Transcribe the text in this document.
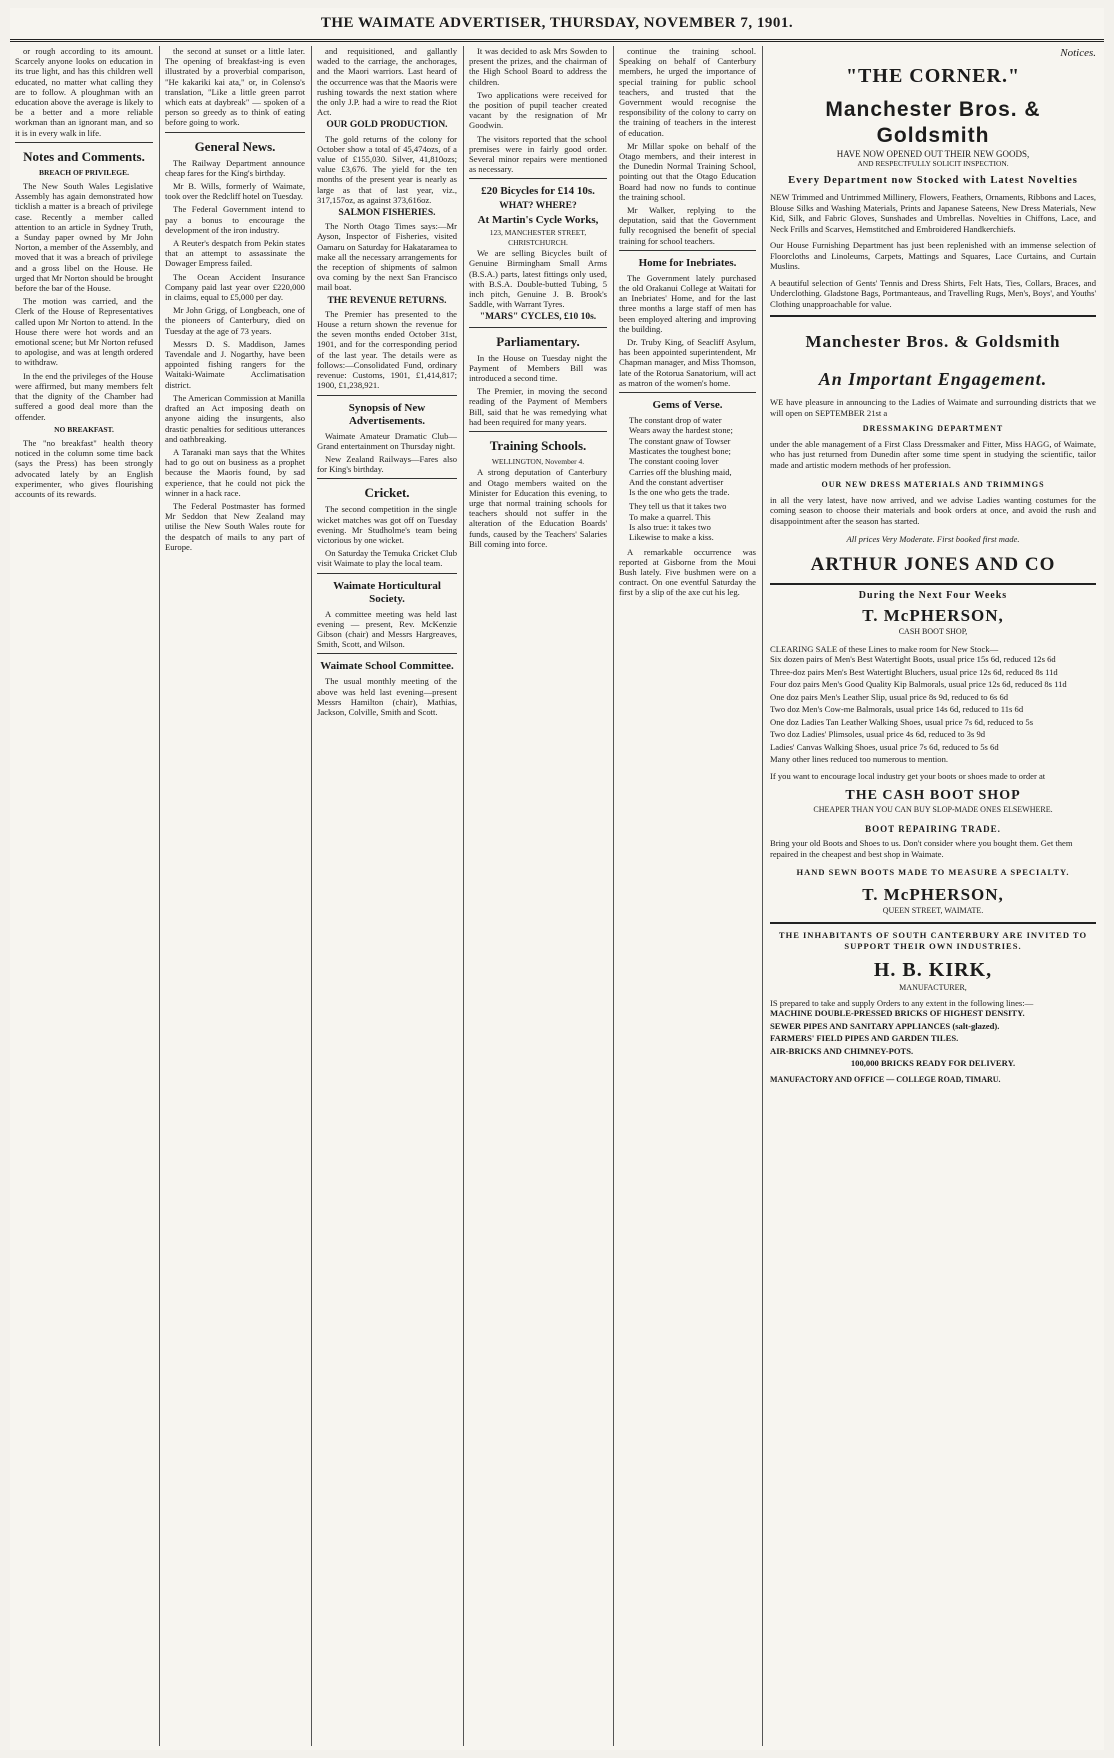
THE WAIMATE ADVERTISER, THURSDAY, NOVEMBER 7, 1901.

or rough according to its amount. Scarcely anyone looks on education in its true light, and has this children well educated, no matter what calling they are to follow. A ploughman with an education above the average is likely to be a better and a more reliable workman than an ignorant man, and so it is in every walk in life.

Notes and Comments.
BREACH OF PRIVILEGE.

The New South Wales Legislative Assembly has again demonstrated how ticklish a matter is a breach of privilege case. Recently a member called attention to an article in Sydney Truth, a Sunday paper owned by Mr John Norton, a member of the Assembly, and moved that it was a breach of privilege and a gross libel on the House. He urged that Mr Norton should be brought before the bar of the House.

The motion was carried, and the Clerk of the House of Representatives called upon Mr Norton to attend. In the House there were hot words and an emotional scene; but Mr Norton refused to apologise, and was at length ordered to withdraw.

In the end the privileges of the House were affirmed, but many members felt that the dignity of the Chamber had suffered a good deal more than the offender.

NO BREAKFAST.

The "no breakfast" health theory noticed in the column some time back (says the Press) has been strongly advocated lately by an English experimenter, who gives flourishing accounts of its rewards.

the second at sunset or a little later. The opening of breakfast-ing is even illustrated by a proverbial comparison, "He kakariki kai ata," or, in Colenso's translation, "Like a little green parrot which eats at daybreak" — spoken of a person so greedy as to think of eating before going to work.

General News.

The Railway Department announce cheap fares for the King's birthday.

Mr B. Wills, formerly of Waimate, took over the Redcliff hotel on Tuesday.

The Federal Government intend to pay a bonus to encourage the development of the iron industry.

A Reuter's despatch from Pekin states that an attempt to assassinate the Dowager Empress failed.

The Ocean Accident Insurance Company paid last year over £220,000 in claims, equal to £5,000 per day.

Mr John Grigg, of Longbeach, one of the pioneers of Canterbury, died on Tuesday at the age of 73 years.

Messrs D. S. Maddison, James Tavendale and J. Nogarthy, have been appointed fishing rangers for the Waitaki-Waimate Acclimatisation district.

The American Commission at Manilla drafted an Act imposing death on anyone aiding the insurgents, also drastic penalties for seditious utterances and oathbreaking.

A Taranaki man says that the Whites had to go out on business as a prophet because the Maoris found, by sad experience, that he could not pick the winner in a hack race.

The Federal Postmaster has formed Mr Seddon that New Zealand may utilise the New South Wales route for the despatch of mails to any part of Europe.

and requisitioned, and gallantly waded to the carriage, the anchorages, and the Maori warriors. Last heard of the occurrence was that the Maoris were rushing towards the next station where the only J.P. had a wire to read the Riot Act.

OUR GOLD PRODUCTION.

The gold returns of the colony for October show a total of 45,474ozs, of a value of £155,030. Silver, 41,810ozs; value £3,676. The yield for the ten months of the present year is nearly as large as that of last year, viz., 317,157oz, as against 373,616oz.

SALMON FISHERIES.

The North Otago Times says:—Mr Ayson, Inspector of Fisheries, visited Oamaru on Saturday for Hakataramea to make all the necessary arrangements for the reception of shipments of salmon ova coming by the next San Francisco mail boat.

THE REVENUE RETURNS.

The Premier has presented to the House a return shown the revenue for the seven months ended October 31st, 1901, and for the corresponding period of the last year. The details were as follows:—Consolidated Fund, ordinary revenue: Customs, 1901, £1,414,817; 1900, £1,238,921.

Synopsis of New Advertisements.

Waimate Amateur Dramatic Club—Grand entertainment on Thursday night.

New Zealand Railways—Fares also for King's birthday.

Cricket.

The second competition in the single wicket matches was got off on Tuesday evening. Mr Studholme's team being victorious by one wicket.

On Saturday the Temuka Cricket Club visit Waimate to play the local team.

Waimate Horticultural Society.

A committee meeting was held last evening — present, Rev. McKenzie Gibson (chair) and Messrs Hargreaves, Smith, Scott, and Wilson.

Waimate School Committee.

The usual monthly meeting of the above was held last evening—present Messrs Hamilton (chair), Mathias, Jackson, Colville, Smith and Scott.

It was decided to ask Mrs Sowden to present the prizes, and the chairman of the High School Board to address the children.

Two applications were received for the position of pupil teacher created vacant by the resignation of Mr Goodwin.

The visitors reported that the school premises were in fairly good order. Several minor repairs were mentioned as necessary.

£20 Bicycles for £14 10s.
WHAT? WHERE?
At Martin's Cycle Works,
123, MANCHESTER STREET, CHRISTCHURCH.

We are selling Bicycles built of Genuine Birmingham Small Arms (B.S.A.) parts, latest fittings only used, with B.S.A. Double-butted Tubing, 5 inch pitch, Genuine J. B. Brook's Saddle, with Warrant Tyres.

"MARS" CYCLES, £10 10s.
Parliamentary.

In the House on Tuesday night the Payment of Members Bill was introduced a second time.

The Premier, in moving the second reading of the Payment of Members Bill, said that he was remedying what had been required for many years.

Training Schools.
WELLINGTON, November 4.

A strong deputation of Canterbury and Otago members waited on the Minister for Education this evening, to urge that normal training schools for teachers should not suffer in the alteration of the Education Boards' funds, caused by the Teachers' Salaries Bill coming into force.

continue the training school. Speaking on behalf of Canterbury members, he urged the importance of special training for public school teachers, and trusted that the Government would recognise the responsibility of the colony to carry on the training of teachers in the interest of education.

Mr Millar spoke on behalf of the Otago members, and their interest in the Dunedin Normal Training School, pointing out that the Otago Education Board had now no funds to continue the training school.

Mr Walker, replying to the deputation, said that the Government fully recognised the benefit of special training for school teachers.

Home for Inebriates.

The Government lately purchased the old Orakanui College at Waitati for an Inebriates' Home, and for the last three months a large staff of men has been employed altering and improving the building.

Dr. Truby King, of Seacliff Asylum, has been appointed superintendent, Mr Chapman manager, and Miss Thomson, late of the Rotorua Sanatorium, will act as matron of the women's home.

Gems of Verse.
The constant drop of water
Wears away the hardest stone;
The constant gnaw of Towser
Masticates the toughest bone;
The constant cooing lover
Carries off the blushing maid,
And the constant advertiser
Is the one who gets the trade.
They tell us that it takes two
To make a quarrel. This
Is also true: it takes two
Likewise to make a kiss.

A remarkable occurrence was reported at Gisborne from the Moui Bush lately. Five bushmen were on a contract. On one eventful Saturday the first by a slip of the axe cut his leg.

Notices.
"THE CORNER."
Manchester Bros. & Goldsmith
HAVE NOW OPENED OUT THEIR NEW GOODS,
AND RESPECTFULLY SOLICIT INSPECTION.
Every Department now Stocked with Latest Novelties

NEW Trimmed and Untrimmed Millinery, Flowers, Feathers, Ornaments, Ribbons and Laces, Blouse Silks and Washing Materials, Prints and Japanese Sateens, New Dress Materials, New Kid, Silk, and Fabric Gloves, Sunshades and Umbrellas. Novelties in Chiffons, Lace, and Neck Frills and Scarves, Hemstitched and Embroidered Handkerchiefs.

Our House Furnishing Department has just been replenished with an immense selection of Floorcloths and Linoleums, Carpets, Mattings and Squares, Lace Curtains, and Curtain Muslins.

A beautiful selection of Gents' Tennis and Dress Shirts, Felt Hats, Ties, Collars, Braces, and Underclothing. Gladstone Bags, Portmanteaus, and Travelling Rugs, Men's, Boys', and Youths' Clothing unapproachable for value.

Manchester Bros. & Goldsmith
An Important Engagement.

WE have pleasure in announcing to the Ladies of Waimate and surrounding districts that we will open on SEPTEMBER 21st a

DRESSMAKING DEPARTMENT

under the able management of a First Class Dressmaker and Fitter, Miss HAGG, of Waimate, who has just returned from Dunedin after some time spent in studying the scientific, tailor made and artistic modern methods of her profession.

OUR NEW DRESS MATERIALS AND TRIMMINGS

in all the very latest, have now arrived, and we advise Ladies wanting costumes for the coming season to choose their materials and book orders at once, and avoid the rush and disappointment after the season has started.

All prices Very Moderate. First booked first made.
ARTHUR JONES AND CO
During the Next Four Weeks
T. McPHERSON,
CASH BOOT SHOP,

CLEARING SALE of these Lines to make room for New Stock—

Six dozen pairs of Men's Best Watertight Boots, usual price 15s 6d, reduced 12s 6d
Three-doz pairs Men's Best Watertight Bluchers, usual price 12s 6d, reduced 8s 11d
Four doz pairs Men's Good Quality Kip Balmorals, usual price 12s 6d, reduced 8s 11d
One doz pairs Men's Leather Slip, usual price 8s 9d, reduced to 6s 6d
Two doz Men's Cow-me Balmorals, usual price 14s 6d, reduced to 11s 6d
One doz Ladies Tan Leather Walking Shoes, usual price 7s 6d, reduced to 5s
Two doz Ladies' Plimsoles, usual price 4s 6d, reduced to 3s 9d
Ladies' Canvas Walking Shoes, usual price 7s 6d, reduced to 5s 6d
Many other lines reduced too numerous to mention.

If you want to encourage local industry get your boots or shoes made to order at

THE CASH BOOT SHOP
CHEAPER THAN YOU CAN BUY SLOP-MADE ONES ELSEWHERE.
BOOT REPAIRING TRADE.

Bring your old Boots and Shoes to us. Don't consider where you bought them. Get them repaired in the cheapest and best shop in Waimate.

HAND SEWN BOOTS MADE TO MEASURE A SPECIALTY.
T. McPHERSON,
QUEEN STREET, WAIMATE.
THE INHABITANTS OF SOUTH CANTERBURY ARE INVITED TO SUPPORT THEIR OWN INDUSTRIES.
H. B. KIRK,
MANUFACTURER,

IS prepared to take and supply Orders to any extent in the following lines:—

MACHINE DOUBLE-PRESSED BRICKS OF HIGHEST DENSITY.
SEWER PIPES AND SANITARY APPLIANCES (salt-glazed).
FARMERS' FIELD PIPES AND GARDEN TILES.
AIR-BRICKS AND CHIMNEY-POTS.
100,000 BRICKS READY FOR DELIVERY.
MANUFACTORY AND OFFICE — COLLEGE ROAD, TIMARU.
